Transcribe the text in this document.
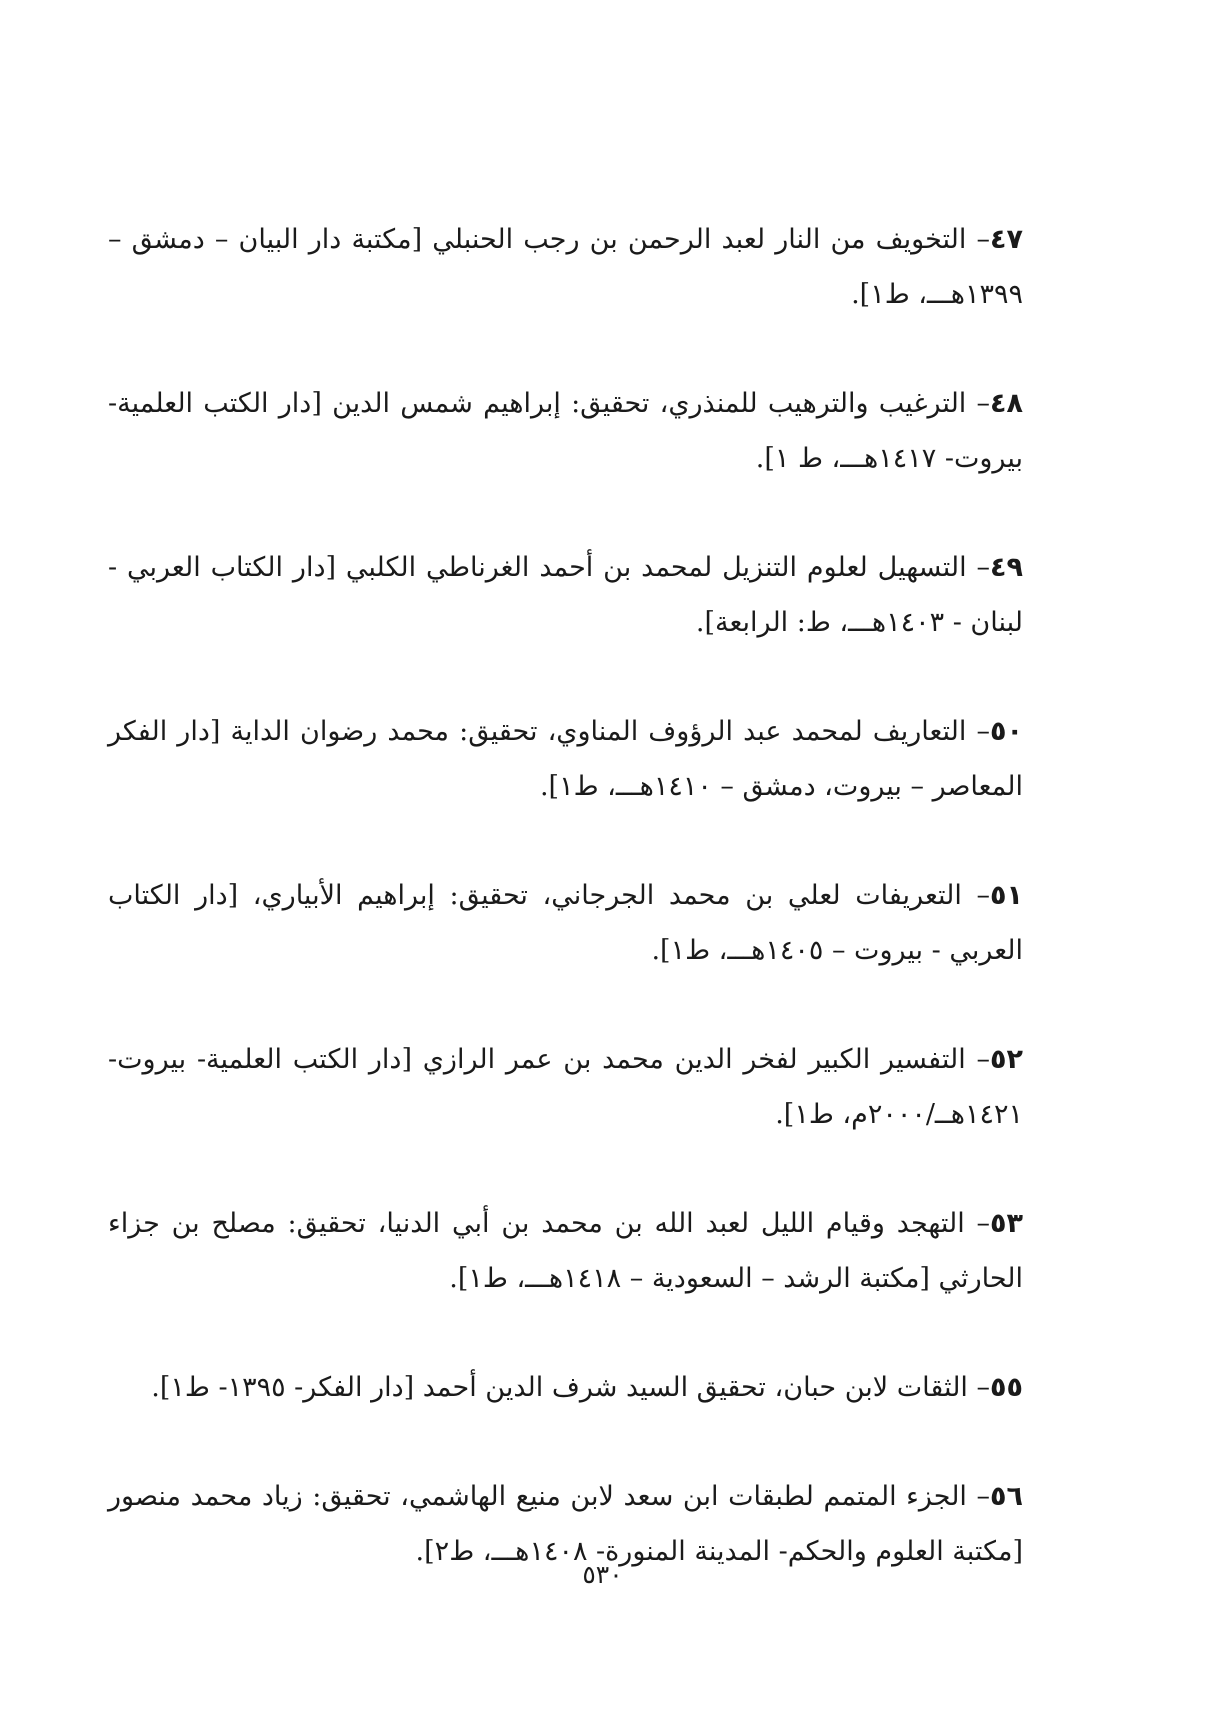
٤٧– التخويف من النار لعبد الرحمن بن رجب الحنبلي [مكتبة دار البيان – دمشق – ١٣٩٩هـــ، ط١].

٤٨– الترغيب والترهيب للمنذري، تحقيق: إبراهيم شمس الدين [دار الكتب العلمية- بيروت- ١٤١٧هـــ، ط ١].

٤٩– التسهيل لعلوم التنزيل لمحمد بن أحمد الغرناطي الكلبي [دار الكتاب العربي - لبنان - ١٤٠٣هـــ، ط: الرابعة].

٥٠– التعاريف لمحمد عبد الرؤوف المناوي، تحقيق: محمد رضوان الداية [دار الفكر المعاصر – بيروت، دمشق – ١٤١٠هـــ، ط١].

٥١– التعريفات لعلي بن محمد الجرجاني، تحقيق: إبراهيم الأبياري، [دار الكتاب العربي - بيروت – ١٤٠٥هـــ، ط١].

٥٢– التفسير الكبير لفخر الدين محمد بن عمر الرازي [دار الكتب العلمية- بيروت- ١٤٢١هــ/٢٠٠٠م، ط١].

٥٣– التهجد وقيام الليل لعبد الله بن محمد بن أبي الدنيا، تحقيق: مصلح بن جزاء الحارثي [مكتبة الرشد – السعودية – ١٤١٨هـــ، ط١].

٥٥– الثقات لابن حبان، تحقيق السيد شرف الدين أحمد [دار الفكر- ١٣٩٥- ط١].

٥٦– الجزء المتمم لطبقات ابن سعد لابن منيع الهاشمي، تحقيق: زياد محمد منصور [مكتبة العلوم والحكم- المدينة المنورة- ١٤٠٨هـــ، ط٢].

٥٣٠
